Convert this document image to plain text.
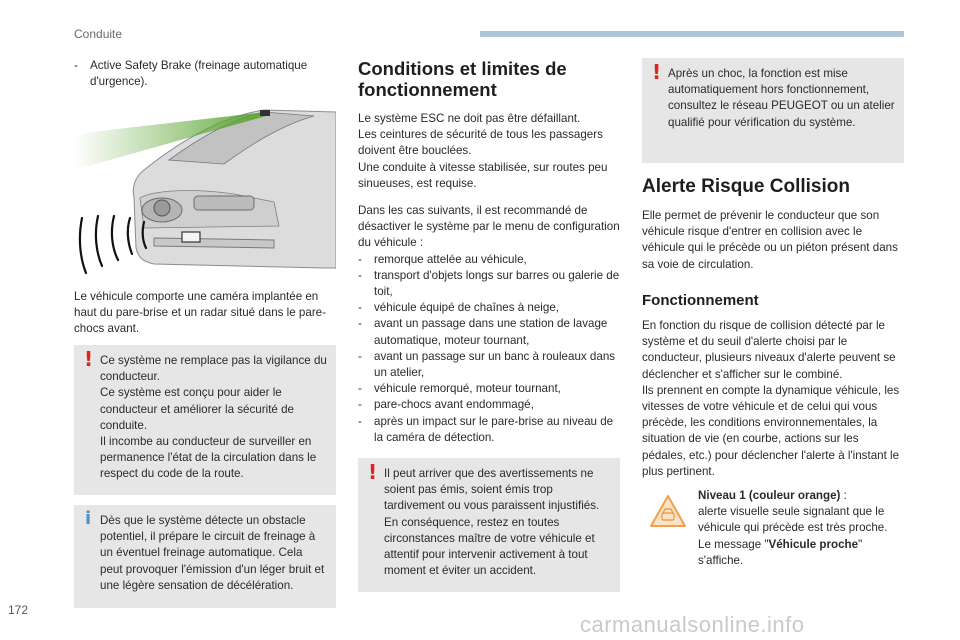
Conduite
- Active Safety Brake (freinage automatique d'urgence).

Le véhicule comporte une caméra implantée en haut du pare-brise et un radar situé dans le pare-chocs avant.

! Ce système ne remplace pas la vigilance du conducteur.

Ce système est conçu pour aider le conducteur et améliorer la sécurité de conduite.

Il incombe au conducteur de surveiller en permanence l'état de la circulation dans le respect du code de la route.

i Dès que le système détecte un obstacle potentiel, il prépare le circuit de freinage à un éventuel freinage automatique. Cela peut provoquer l'émission d'un léger bruit et une légère sensation de décélération.

Conditions et limites de fonctionnement

Le système ESC ne doit pas être défaillant.

Les ceintures de sécurité de tous les passagers doivent être bouclées.

Une conduite à vitesse stabilisée, sur routes peu sinueuses, est requise.

Dans les cas suivants, il est recommandé de désactiver le système par le menu de configuration du véhicule :

- remorque attelée au véhicule,
- transport d'objets longs sur barres ou galerie de toit,
- véhicule équipé de chaînes à neige,
- avant un passage dans une station de lavage automatique, moteur tournant,
- avant un passage sur un banc à rouleaux dans un atelier,
- véhicule remorqué, moteur tournant,
- pare-chocs avant endommagé,
- après un impact sur le pare-brise au niveau de la caméra de détection.
! Il peut arriver que des avertissements ne soient pas émis, soient émis trop tardivement ou vous paraissent injustifiés. En conséquence, restez en toutes circonstances maître de votre véhicule et attentif pour intervenir activement à tout moment et éviter un accident.

! Après un choc, la fonction est mise automatiquement hors fonctionnement, consultez le réseau PEUGEOT ou un atelier qualifié pour vérification du système.

Alerte Risque Collision

Elle permet de prévenir le conducteur que son véhicule risque d'entrer en collision avec le véhicule qui le précède ou un piéton présent dans sa voie de circulation.

Fonctionnement

En fonction du risque de collision détecté par le système et du seuil d'alerte choisi par le conducteur, plusieurs niveaux d'alerte peuvent se déclencher et s'afficher sur le combiné.

Ils prennent en compte la dynamique véhicule, les vitesses de votre véhicule et de celui qui vous précède, les conditions environnementales, la situation de vie (en courbe, actions sur les pédales, etc.) pour déclencher l'alerte à l'instant le plus pertinent.

Niveau 1 (couleur orange) :

alerte visuelle seule signalant que le véhicule qui précède est très proche.

Le message "Véhicule proche"

s'affiche.

172
carmanualsonline.info
